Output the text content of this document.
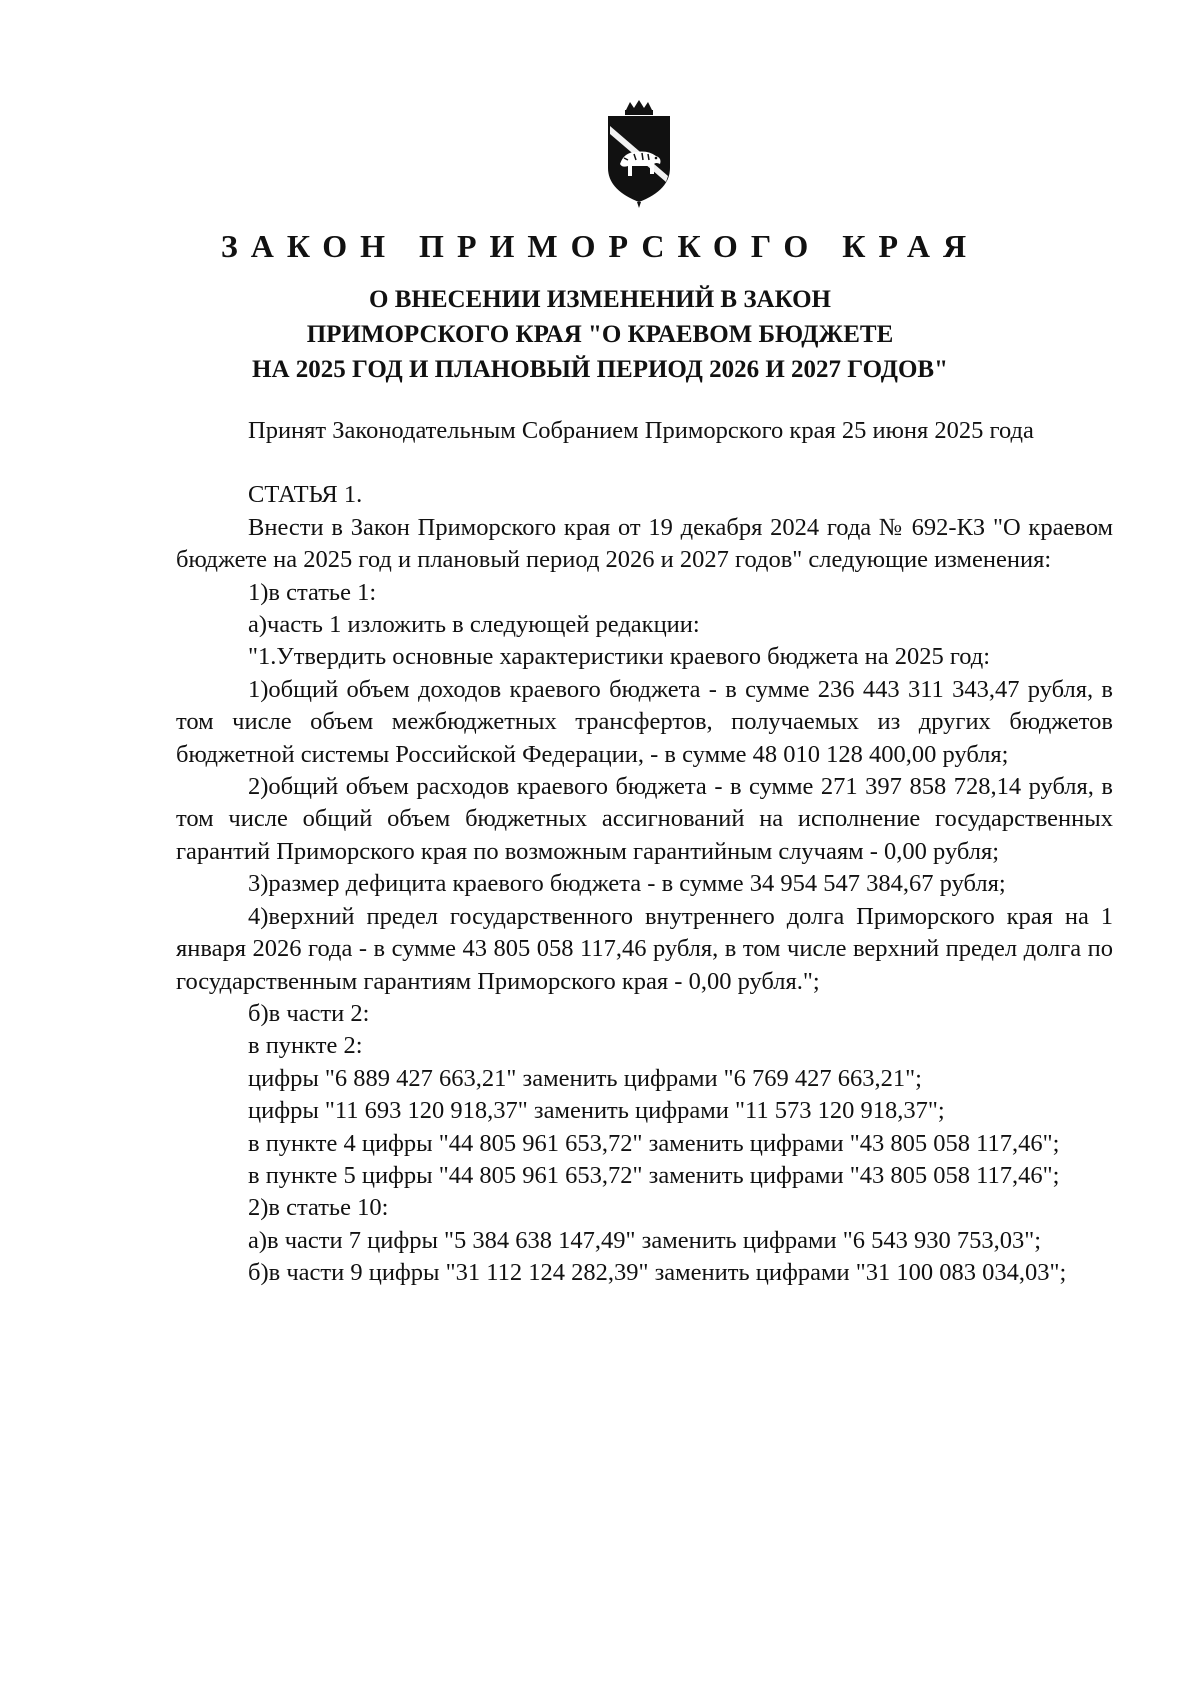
ЗАКОН ПРИМОРСКОГО КРАЯ
О ВНЕСЕНИИ ИЗМЕНЕНИЙ В ЗАКОН
ПРИМОРСКОГО КРАЯ "О КРАЕВОМ БЮДЖЕТЕ
НА 2025 ГОД И ПЛАНОВЫЙ ПЕРИОД 2026 И 2027 ГОДОВ"

Принят Законодательным Собранием Приморского края 25 июня 2025 года

СТАТЬЯ 1.

Внести в Закон Приморского края от 19 декабря 2024 года № 692-КЗ "О краевом бюджете на 2025 год и плановый период 2026 и 2027 годов" следующие изменения:

1)в статье 1:

а)часть 1 изложить в следующей редакции:

"1.Утвердить основные характеристики краевого бюджета на 2025 год:

1)общий объем доходов краевого бюджета - в сумме 236 443 311 343,47 рубля, в том числе объем межбюджетных трансфертов, получаемых из других бюджетов бюджетной системы Российской Федерации, - в сумме 48 010 128 400,00 рубля;

2)общий объем расходов краевого бюджета - в сумме 271 397 858 728,14 рубля, в том числе общий объем бюджетных ассигнований на исполнение государственных гарантий Приморского края по возможным гарантийным случаям - 0,00 рубля;

3)размер дефицита краевого бюджета - в сумме 34 954 547 384,67 рубля;

4)верхний предел государственного внутреннего долга Приморского края на 1 января 2026 года - в сумме 43 805 058 117,46 рубля, в том числе верхний предел долга по государственным гарантиям Приморского края - 0,00 рубля.";

б)в части 2:

в пункте 2:

цифры "6 889 427 663,21" заменить цифрами "6 769 427 663,21";

цифры "11 693 120 918,37" заменить цифрами "11 573 120 918,37";

в пункте 4 цифры "44 805 961 653,72" заменить цифрами "43 805 058 117,46";

в пункте 5 цифры "44 805 961 653,72" заменить цифрами "43 805 058 117,46";

2)в статье 10:

а)в части 7 цифры "5 384 638 147,49" заменить цифрами "6 543 930 753,03";

б)в части 9 цифры "31 112 124 282,39" заменить цифрами "31 100 083 034,03";
